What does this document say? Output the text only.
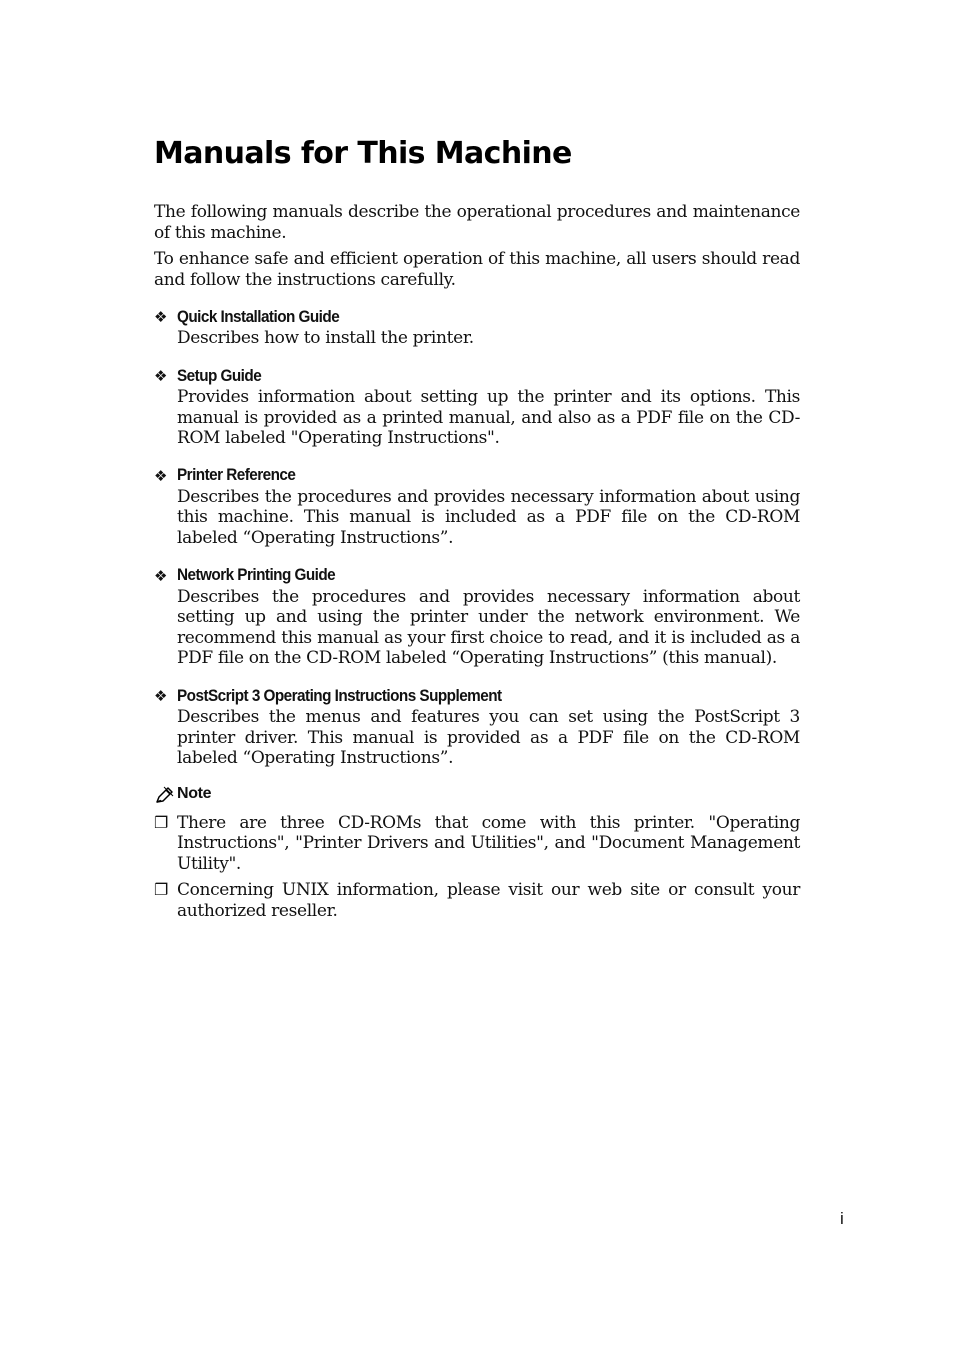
Manuals for This Machine

The following manuals describe the operational procedures and maintenance of this machine.

To enhance safe and efficient operation of this machine, all users should read and follow the instructions carefully.

❖ Quick Installation Guide

Describes how to install the printer.

❖ Setup Guide

Provides information about setting up the printer and its options. This manual is provided as a printed manual, and also as a PDF file on the CD-ROM labeled "Operating Instructions".

❖ Printer Reference

Describes the procedures and provides necessary information about using this machine. This manual is included as a PDF file on the CD-ROM labeled “Operating Instructions”.

❖ Network Printing Guide

Describes the procedures and provides necessary information about setting up and using the printer under the network environment. We recommend this manual as your first choice to read, and it is included as a PDF file on the CD-ROM labeled “Operating Instructions” (this manual).

❖ PostScript 3 Operating Instructions Supplement

Describes the menus and features you can set using the PostScript 3 printer driver. This manual is provided as a PDF file on the CD-ROM labeled “Operating Instructions”.

Note
❐ There are three CD-ROMs that come with this printer. "Operating Instructions", "Printer Drivers and Utilities", and "Document Management Utility".

❐ Concerning UNIX information, please visit our web site or consult your authorized reseller.

i
